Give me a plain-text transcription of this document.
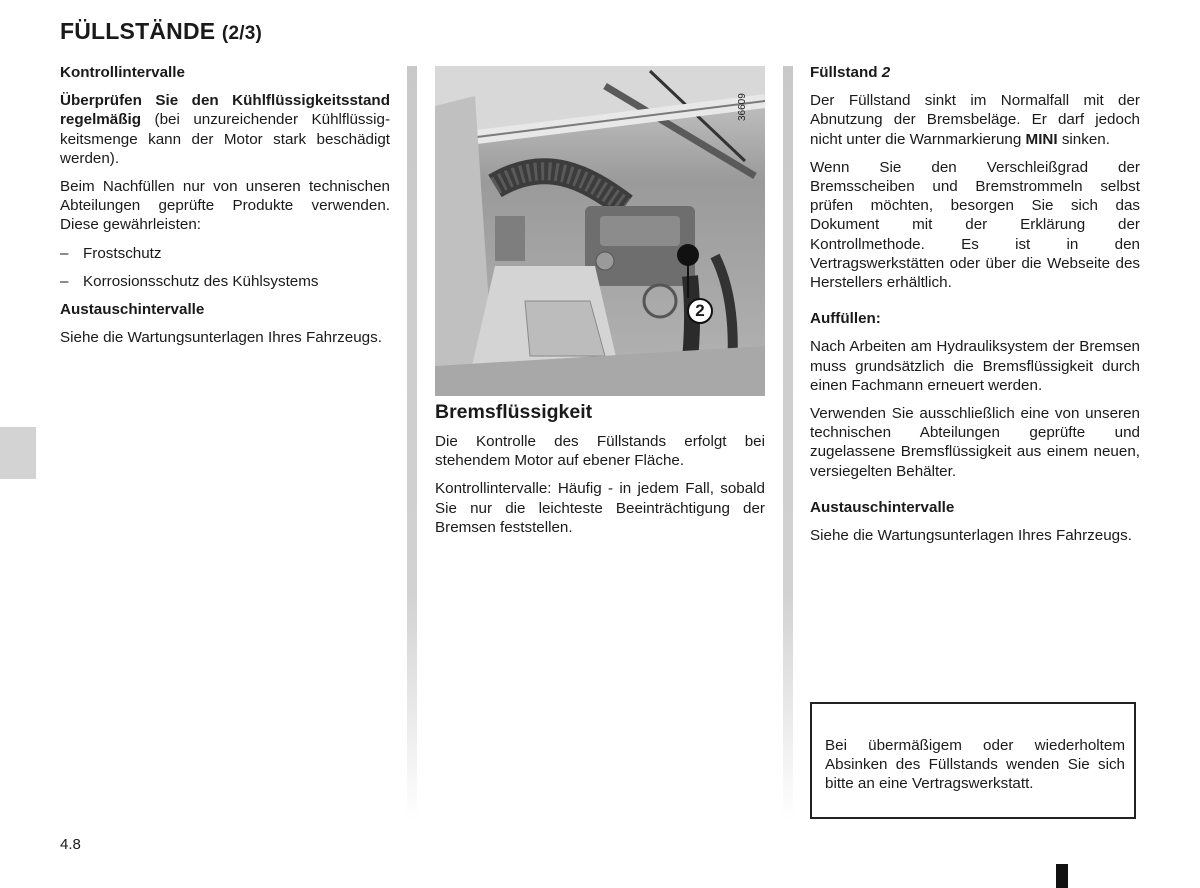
FÜLLSTÄNDE (2/3)

Kontrollintervalle

Überprüfen Sie den Kühlflüssigkeitsstand regelmäßig (bei unzureichender Kühlflüssig-keitsmenge kann der Motor stark beschädigt werden).

Beim Nachfüllen nur von unseren technischen Abteilungen geprüfte Produkte verwenden. Diese gewährleisten:

– Frostschutz

– Korrosionsschutz des Kühlsystems

Austauschintervalle

Siehe die Wartungsunterlagen Ihres Fahrzeugs.

2
36609

Bremsflüssigkeit

Die Kontrolle des Füllstands erfolgt bei stehendem Motor auf ebener Fläche.

Kontrollintervalle: Häufig - in jedem Fall, sobald Sie nur die leichteste Beeinträchtigung der Bremsen feststellen.

Füllstand 2

Der Füllstand sinkt im Normalfall mit der Abnutzung der Bremsbeläge. Er darf jedoch nicht unter die Warnmarkierung MINI sinken.

Wenn Sie den Verschleißgrad der Bremsscheiben und Bremstrommeln selbst prüfen möchten, besorgen Sie sich das Dokument mit der Erklärung der Kontrollmethode. Es ist in den Vertragswerkstätten oder über die Webseite des Herstellers erhältlich.

Auffüllen:

Nach Arbeiten am Hydrauliksystem der Bremsen muss grundsätzlich die Bremsflüssigkeit durch einen Fachmann erneuert werden.

Verwenden Sie ausschließlich eine von unseren technischen Abteilungen geprüfte und zugelassene Bremsflüssigkeit aus einem neuen, versiegelten Behälter.

Austauschintervalle

Siehe die Wartungsunterlagen Ihres Fahrzeugs.

Bei übermäßigem oder wiederholtem Absinken des Füllstands wenden Sie sich bitte an eine Vertragswerkstatt.

4.8
